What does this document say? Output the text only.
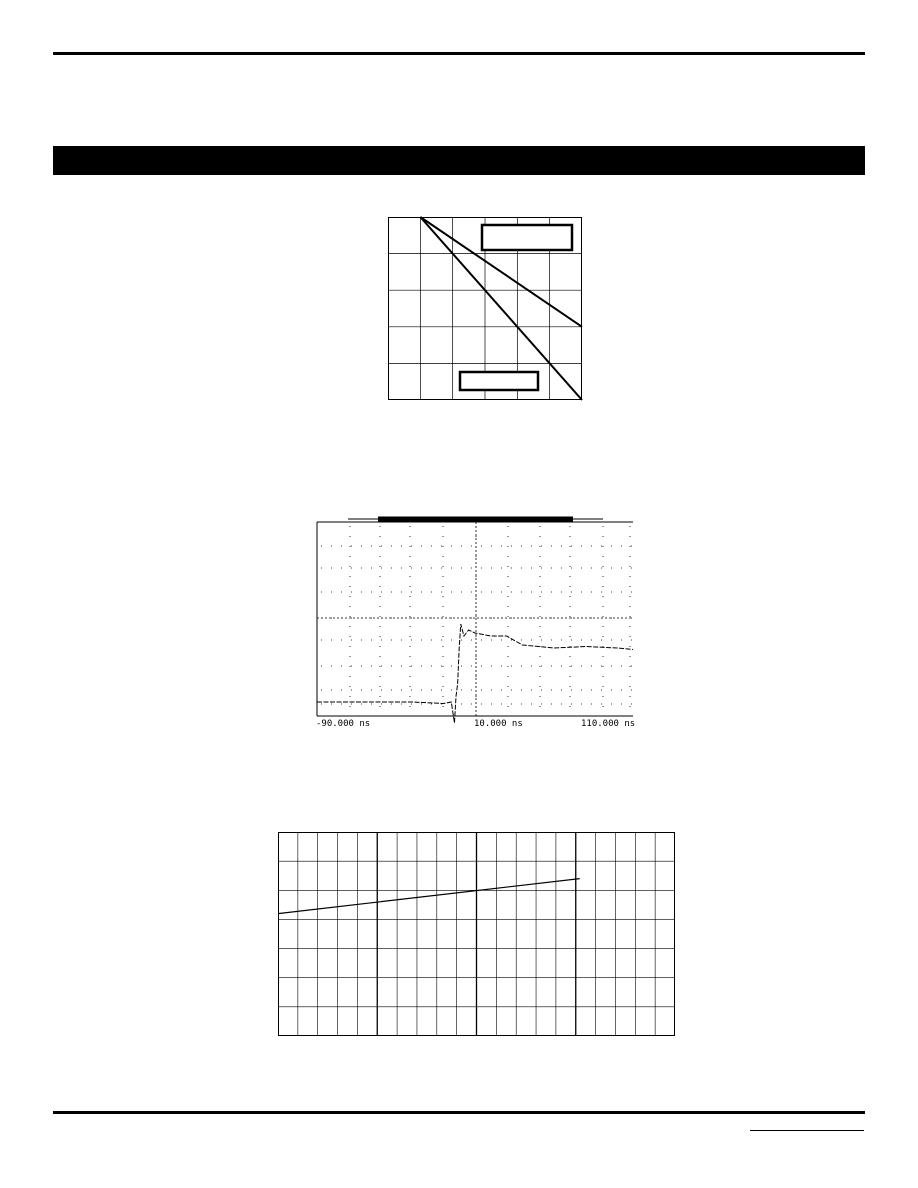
-90.000 ns	10.000 ns	110.000 ns
